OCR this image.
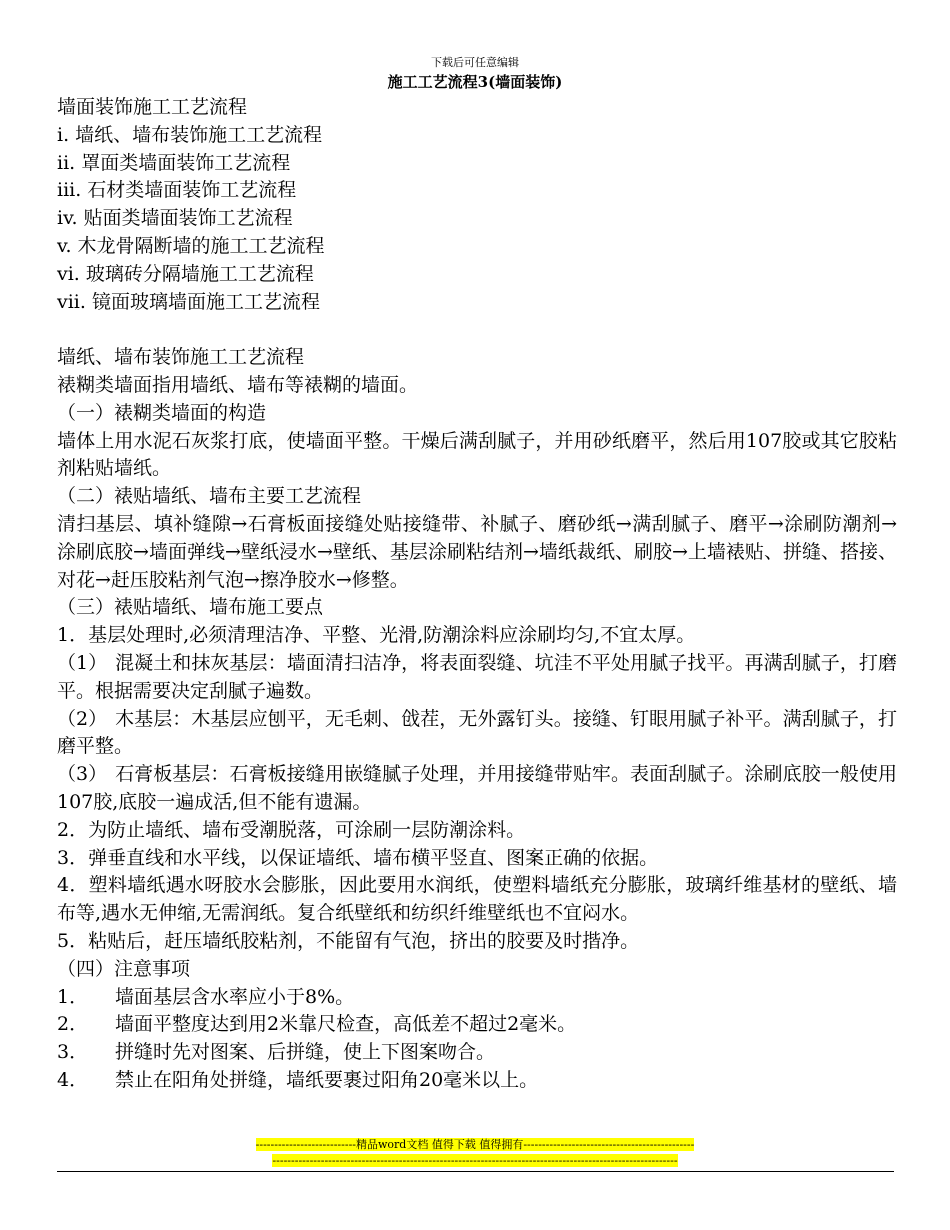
下载后可任意编辑
施工工艺流程3(墙面装饰)
墙面装饰施工工艺流程
i. 墙纸、墙布装饰施工工艺流程
ii. 罩面类墙面装饰工艺流程
iii. 石材类墙面装饰工艺流程
iv. 贴面类墙面装饰工艺流程
v. 木龙骨隔断墙的施工工艺流程
vi. 玻璃砖分隔墙施工工艺流程
vii. 镜面玻璃墙面施工工艺流程
墙纸、墙布装饰施工工艺流程
裱糊类墙面指用墙纸、墙布等裱糊的墙面。
（一）裱糊类墙面的构造
墙体上用水泥石灰浆打底，使墙面平整。干燥后满刮腻子，并用砂纸磨平，然后用107胶或其它胶粘剂粘贴墙纸。
（二）裱贴墙纸、墙布主要工艺流程
清扫基层、填补缝隙→石膏板面接缝处贴接缝带、补腻子、磨砂纸→满刮腻子、磨平→涂刷防潮剂→涂刷底胶→墙面弹线→壁纸浸水→壁纸、基层涂刷粘结剂→墙纸裁纸、刷胶→上墙裱贴、拼缝、搭接、对花→赶压胶粘剂气泡→擦净胶水→修整。
（三）裱贴墙纸、墙布施工要点
1．基层处理时,必须清理洁净、平整、光滑,防潮涂料应涂刷均匀,不宜太厚。
（1） 混凝土和抹灰基层：墙面清扫洁净，将表面裂缝、坑洼不平处用腻子找平。再满刮腻子，打磨平。根据需要决定刮腻子遍数。
（2） 木基层：木基层应刨平，无毛刺、戗茬，无外露钉头。接缝、钉眼用腻子补平。满刮腻子，打磨平整。
（3） 石膏板基层：石膏板接缝用嵌缝腻子处理，并用接缝带贴牢。表面刮腻子。涂刷底胶一般使用107胶,底胶一遍成活,但不能有遗漏。
2．为防止墙纸、墙布受潮脱落，可涂刷一层防潮涂料。
3．弹垂直线和水平线，以保证墙纸、墙布横平竖直、图案正确的依据。
4．塑料墙纸遇水呀胶水会膨胀，因此要用水润纸，使塑料墙纸充分膨胀，玻璃纤维基材的壁纸、墙布等,遇水无伸缩,无需润纸。复合纸壁纸和纺织纤维壁纸也不宜闷水。
5．粘贴后，赶压墙纸胶粘剂，不能留有气泡，挤出的胶要及时揩净。
（四）注意事项
1． 墙面基层含水率应小于8%。
2． 墙面平整度达到用2米靠尺检查，高低差不超过2毫米。
3． 拼缝时先对图案、后拼缝，使上下图案吻合。
4． 禁止在阳角处拼缝，墙纸要裹过阳角20毫米以上。
---------------------------精品word文档 值得下载 值得拥有----------------------------------------------
-------------------------------------------------------------------------------------------------------------
